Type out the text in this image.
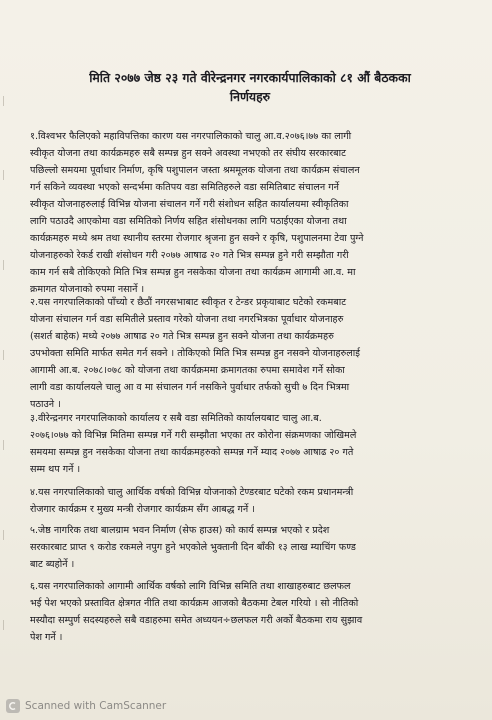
मिति २०७७ जेष्ठ २३ गते वीरेन्द्रनगर नगरकार्यपालिकाको ८१ औं बैठकका
निर्णयहरु
१.विश्वभर फैलिएको महाविपत्तिका कारण यस नगरपालिकाको चालु आ.व.२०७६।७७ का लागी
स्वीकृत योजना तथा कार्यक्रमहरु सबै सम्पन्न हुन सक्ने अवस्था नभएको तर संघीय सरकारबाट
पछिल्लो समयमा पूर्वाधार निर्माण, कृषि पशुपालन जस्ता श्रममूलक योजना तथा कार्यक्रम संचालन
गर्न सकिने व्यवस्था भएको सन्दर्भमा कतिपय वडा समितिहरुले वडा समितिबाट संचालन गर्ने
स्वीकृत योजनाहरुलाई विभिन्न योजना संचालन गर्ने गरी संशोधन सहित कार्यालयमा स्वीकृतिका
लागि पठाउदै आएकोमा वडा समितिको निर्णय सहित शंसोधनका लागि पठाईएका योजना तथा
कार्यक्रमहरु मध्ये श्रम तथा स्थानीय स्तरमा रोजगार श्रृजना हुन सक्ने र कृषि, पशुपालनमा टेवा पुग्ने
योजनाहरुको रेकर्ड राखी शंसोधन गरी २०७७ आषाढ २० गते भित्र सम्पन्न हुने गरी सम्झौता गरी
काम गर्न सबै तोकिएको मिति भित्र सम्पन्न हुन नसकेका योजना तथा कार्यक्रम आगामी आ.व. मा
क्रमागत योजनाको रुपमा नसार्ने ।
२.यस नगरपालिकाको पाँच्यो र छैठौं नगरसभाबाट स्वीकृत र टेन्डर प्रकृयाबाट घटेको रकमबाट
योजना संचालन गर्न वडा समितीले प्रस्ताव गरेको योजना तथा नगरभित्रका पूर्वाधार योजनाहरु
(सशर्त बाहेक) मध्ये २०७७ आषाढ २० गते भित्र सम्पन्न हुन सक्ने योजना तथा कार्यक्रमहरु
उपभोक्ता समिति मार्फत समेत गर्न सक्ने । तोकिएको मिति भित्र सम्पन्न हुन नसक्ने योजनाहरुलाई
आगामी आ.ब. २०७८।०७८ को योजना तथा कार्यक्रममा क्रमागतका रुपमा समावेश गर्ने सोका
लागी वडा कार्यालयले चालु आ व मा संचालन गर्न नसकिने पुर्वाधार तर्फको सुची ७ दिन भित्रमा
पठाउने ।
३.वीरेन्द्रनगर नगरपालिकाको कार्यालय र सबै वडा समितिको कार्यालयबाट चालु आ.ब.
२०७६।०७७ को विभिन्न मितिमा सम्पन्न गर्ने गरी सम्झौता भएका तर कोरोना संक्रमणका जोखिमले
समयमा सम्पन्न हुन नसकेका योजना तथा कार्यक्रमहरुको सम्पन्न गर्ने म्याद २०७७ आषाढ २० गते
सम्म थप गर्ने ।
४.यस नगरपालिकाको चालु आर्थिक वर्षको विभिन्न योजनाको टेण्डरबाट घटेको रकम प्रधानमन्त्री
रोजगार कार्यक्रम र मुख्य मन्त्री रोजगार कार्यक्रम सँग आबद्ध गर्ने ।
५.जेष्ठ नागरिक तथा बालग्राम भवन निर्माण (सेफ हाउस) को कार्य सम्पन्न भएको र प्रदेश
सरकारबाट प्राप्त ९ करोड रकमले नपुग हुने भएकोले भुक्तानी दिन बाँकी १३ लाख म्याचिंग फण्ड
बाट ब्यहोर्ने ।
६.यस नगरपालिकाको आगामी आर्थिक वर्षको लागि विभिन्न समिति तथा शाखाहरुबाट छलफल
भई पेश भएको प्रस्तावित क्षेत्रगत नीति तथा कार्यक्रम आजको बैठकमा टेबल गरियो । सो नीतिको
मस्यौदा सम्पुर्ण सदस्यहरुले सबै वडाहरुमा समेत अध्ययन÷छलफल गरी अर्को बैठकमा राय सुझाव
पेश गर्ने ।
Scanned with CamScanner
